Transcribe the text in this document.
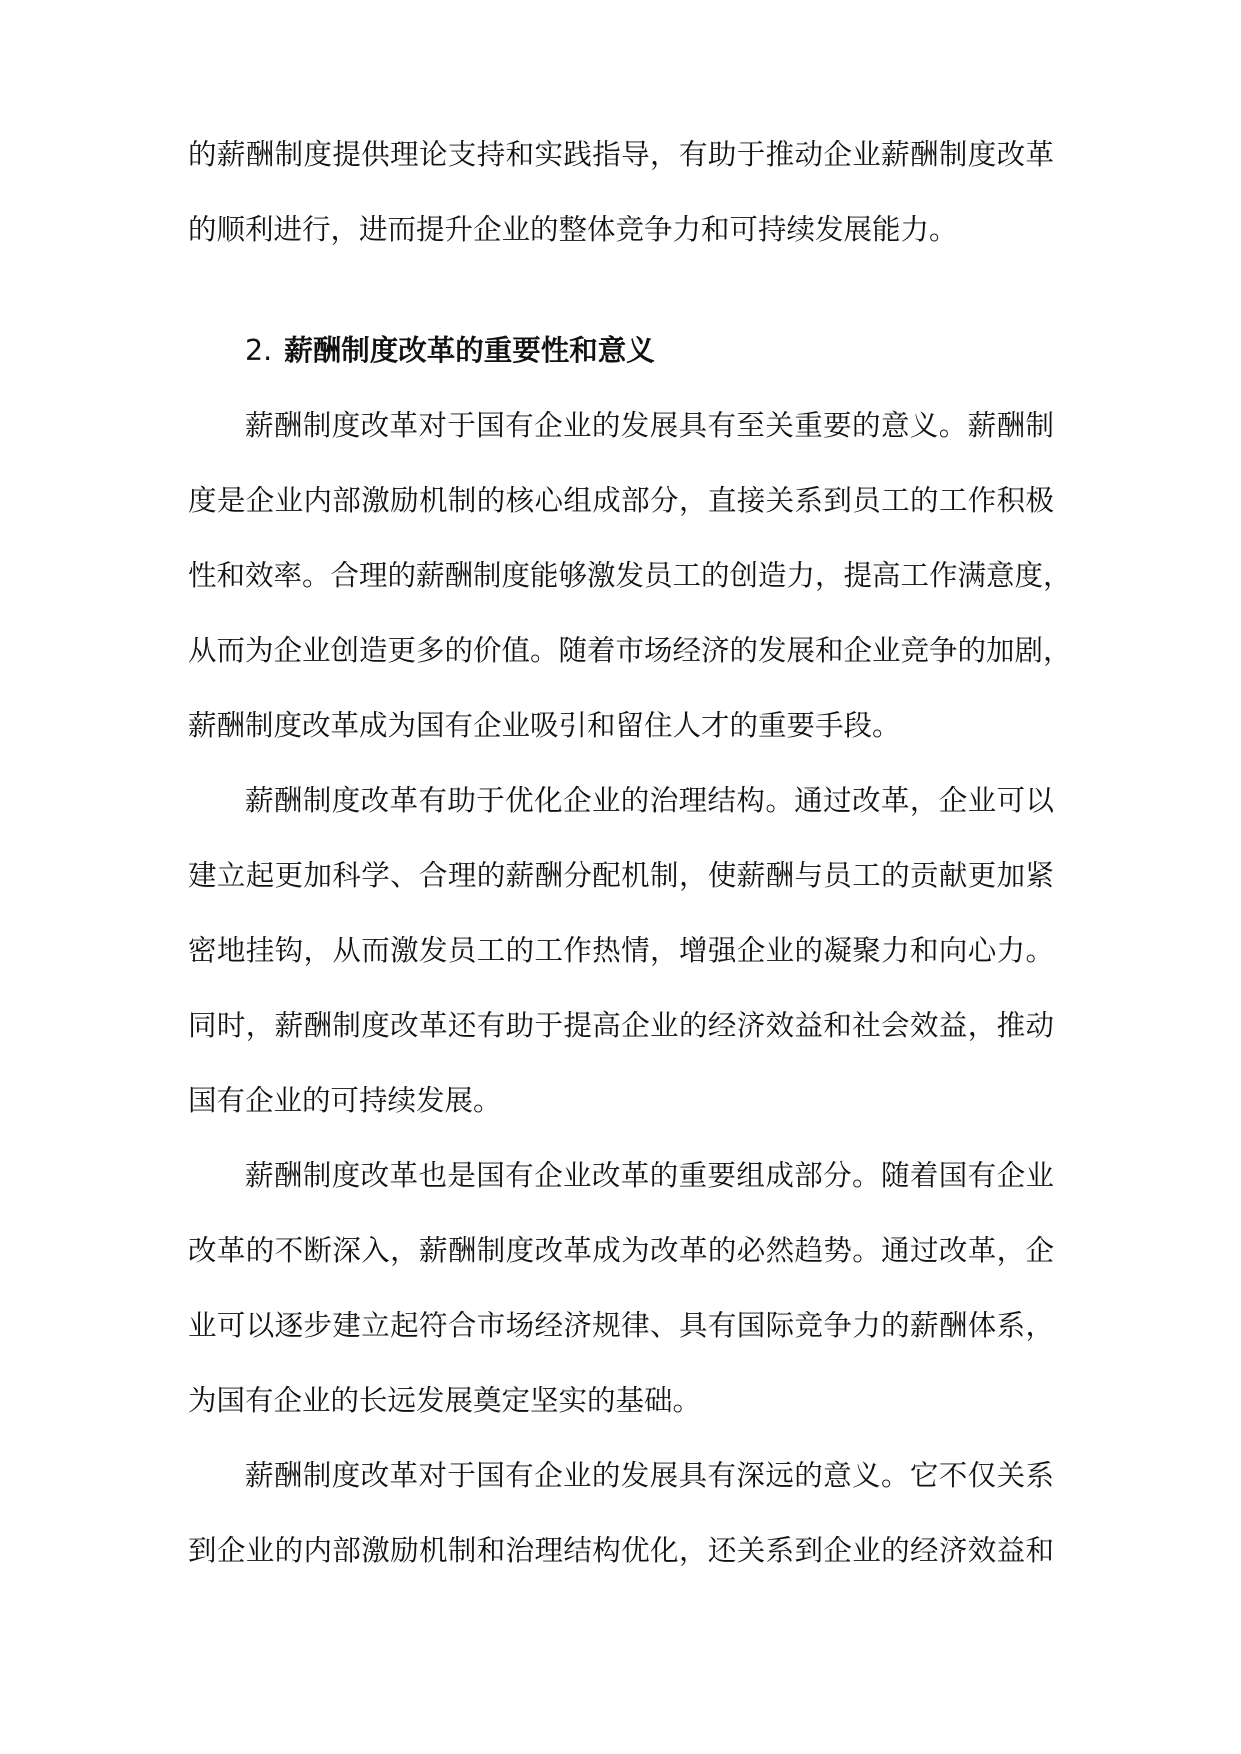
的薪酬制度提供理论支持和实践指导，有助于推动企业薪酬制度改革

的顺利进行，进而提升企业的整体竞争力和可持续发展能力。

2. 薪酬制度改革的重要性和意义

薪酬制度改革对于国有企业的发展具有至关重要的意义。薪酬制

度是企业内部激励机制的核心组成部分，直接关系到员工的工作积极

性和效率。合理的薪酬制度能够激发员工的创造力，提高工作满意度，

从而为企业创造更多的价值。随着市场经济的发展和企业竞争的加剧，

薪酬制度改革成为国有企业吸引和留住人才的重要手段。

薪酬制度改革有助于优化企业的治理结构。通过改革，企业可以

建立起更加科学、合理的薪酬分配机制，使薪酬与员工的贡献更加紧

密地挂钩，从而激发员工的工作热情，增强企业的凝聚力和向心力。

同时，薪酬制度改革还有助于提高企业的经济效益和社会效益，推动

国有企业的可持续发展。

薪酬制度改革也是国有企业改革的重要组成部分。随着国有企业

改革的不断深入，薪酬制度改革成为改革的必然趋势。通过改革，企

业可以逐步建立起符合市场经济规律、具有国际竞争力的薪酬体系，

为国有企业的长远发展奠定坚实的基础。

薪酬制度改革对于国有企业的发展具有深远的意义。它不仅关系

到企业的内部激励机制和治理结构优化，还关系到企业的经济效益和
